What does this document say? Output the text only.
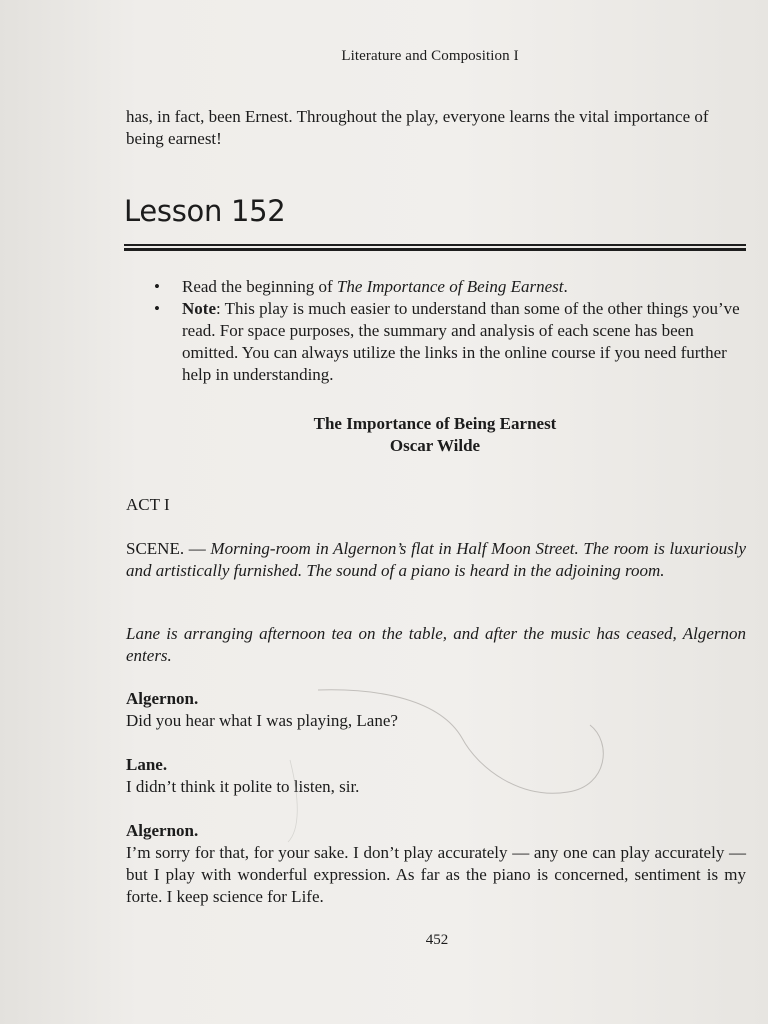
Literature and Composition I

has, in fact, been Ernest. Throughout the play, everyone learns the vital importance of being earnest!

Lesson 152
• Read the beginning of The Importance of Being Earnest.
• Note: This play is much easier to understand than some of the other things you’ve read. For space purposes, the summary and analysis of each scene has been omitted. You can always utilize the links in the online course if you need further help in understanding.
The Importance of Being Earnest
Oscar Wilde

ACT I

SCENE. — Morning-room in Algernon’s flat in Half Moon Street. The room is luxuriously and artistically furnished. The sound of a piano is heard in the adjoining room.

Lane is arranging afternoon tea on the table, and after the music has ceased, Algernon enters.

Algernon.
Did you hear what I was playing, Lane?
Lane.
I didn’t think it polite to listen, sir.
Algernon.
I’m sorry for that, for your sake. I don’t play accurately — any one can play accurately — but I play with wonderful expression. As far as the piano is concerned, sentiment is my forte. I keep science for Life.
452
